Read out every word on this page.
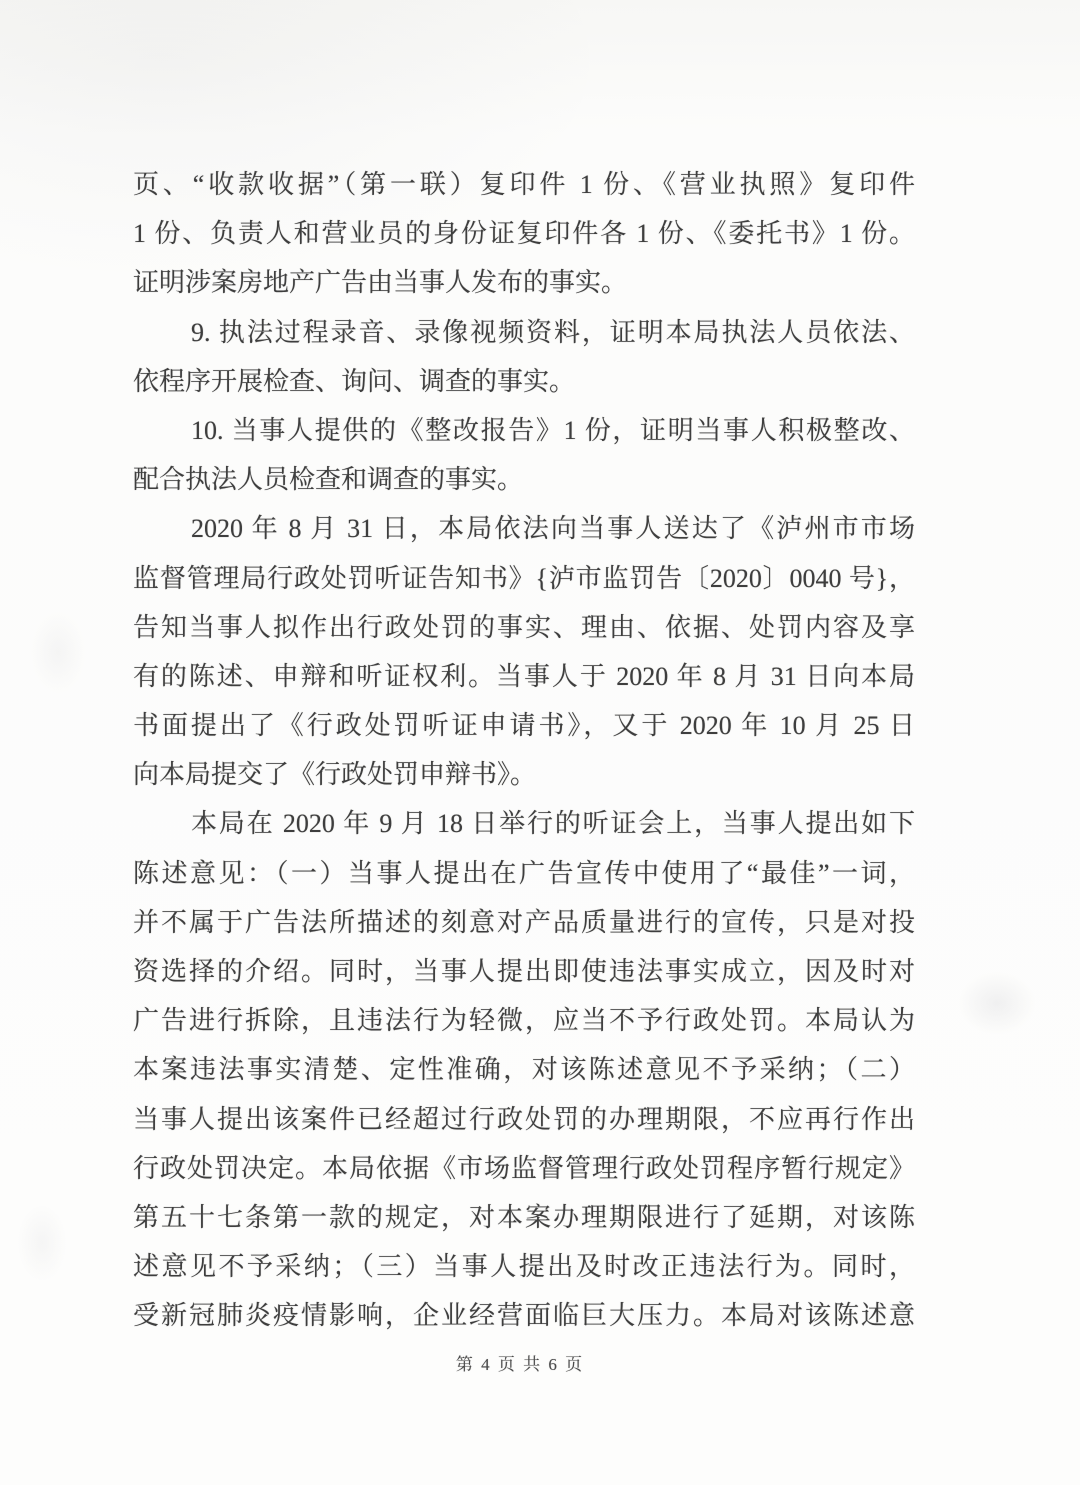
页、“收款收据”（第一联）复印件 1 份、《营业执照》复印件
1 份、负责人和营业员的身份证复印件各 1 份、《委托书》1 份。
证明涉案房地产广告由当事人发布的事实。
9. 执法过程录音、录像视频资料，证明本局执法人员依法、
依程序开展检查、询问、调查的事实。
10. 当事人提供的《整改报告》1 份，证明当事人积极整改、
配合执法人员检查和调查的事实。
2020 年 8 月 31 日，本局依法向当事人送达了《泸州市市场
监督管理局行政处罚听证告知书》{泸市监罚告〔2020〕0040 号}，
告知当事人拟作出行政处罚的事实、理由、依据、处罚内容及享
有的陈述、申辩和听证权利。当事人于 2020 年 8 月 31 日向本局
书面提出了《行政处罚听证申请书》，又于 2020 年 10 月 25 日
向本局提交了《行政处罚申辩书》。
本局在 2020 年 9 月 18 日举行的听证会上，当事人提出如下
陈述意见：（一）当事人提出在广告宣传中使用了“最佳”一词，
并不属于广告法所描述的刻意对产品质量进行的宣传，只是对投
资选择的介绍。同时，当事人提出即使违法事实成立，因及时对
广告进行拆除，且违法行为轻微，应当不予行政处罚。本局认为
本案违法事实清楚、定性准确，对该陈述意见不予采纳；（二）
当事人提出该案件已经超过行政处罚的办理期限，不应再行作出
行政处罚决定。本局依据《市场监督管理行政处罚程序暂行规定》
第五十七条第一款的规定，对本案办理期限进行了延期，对该陈
述意见不予采纳；（三）当事人提出及时改正违法行为。同时，
受新冠肺炎疫情影响，企业经营面临巨大压力。本局对该陈述意
第 4 页 共 6 页
